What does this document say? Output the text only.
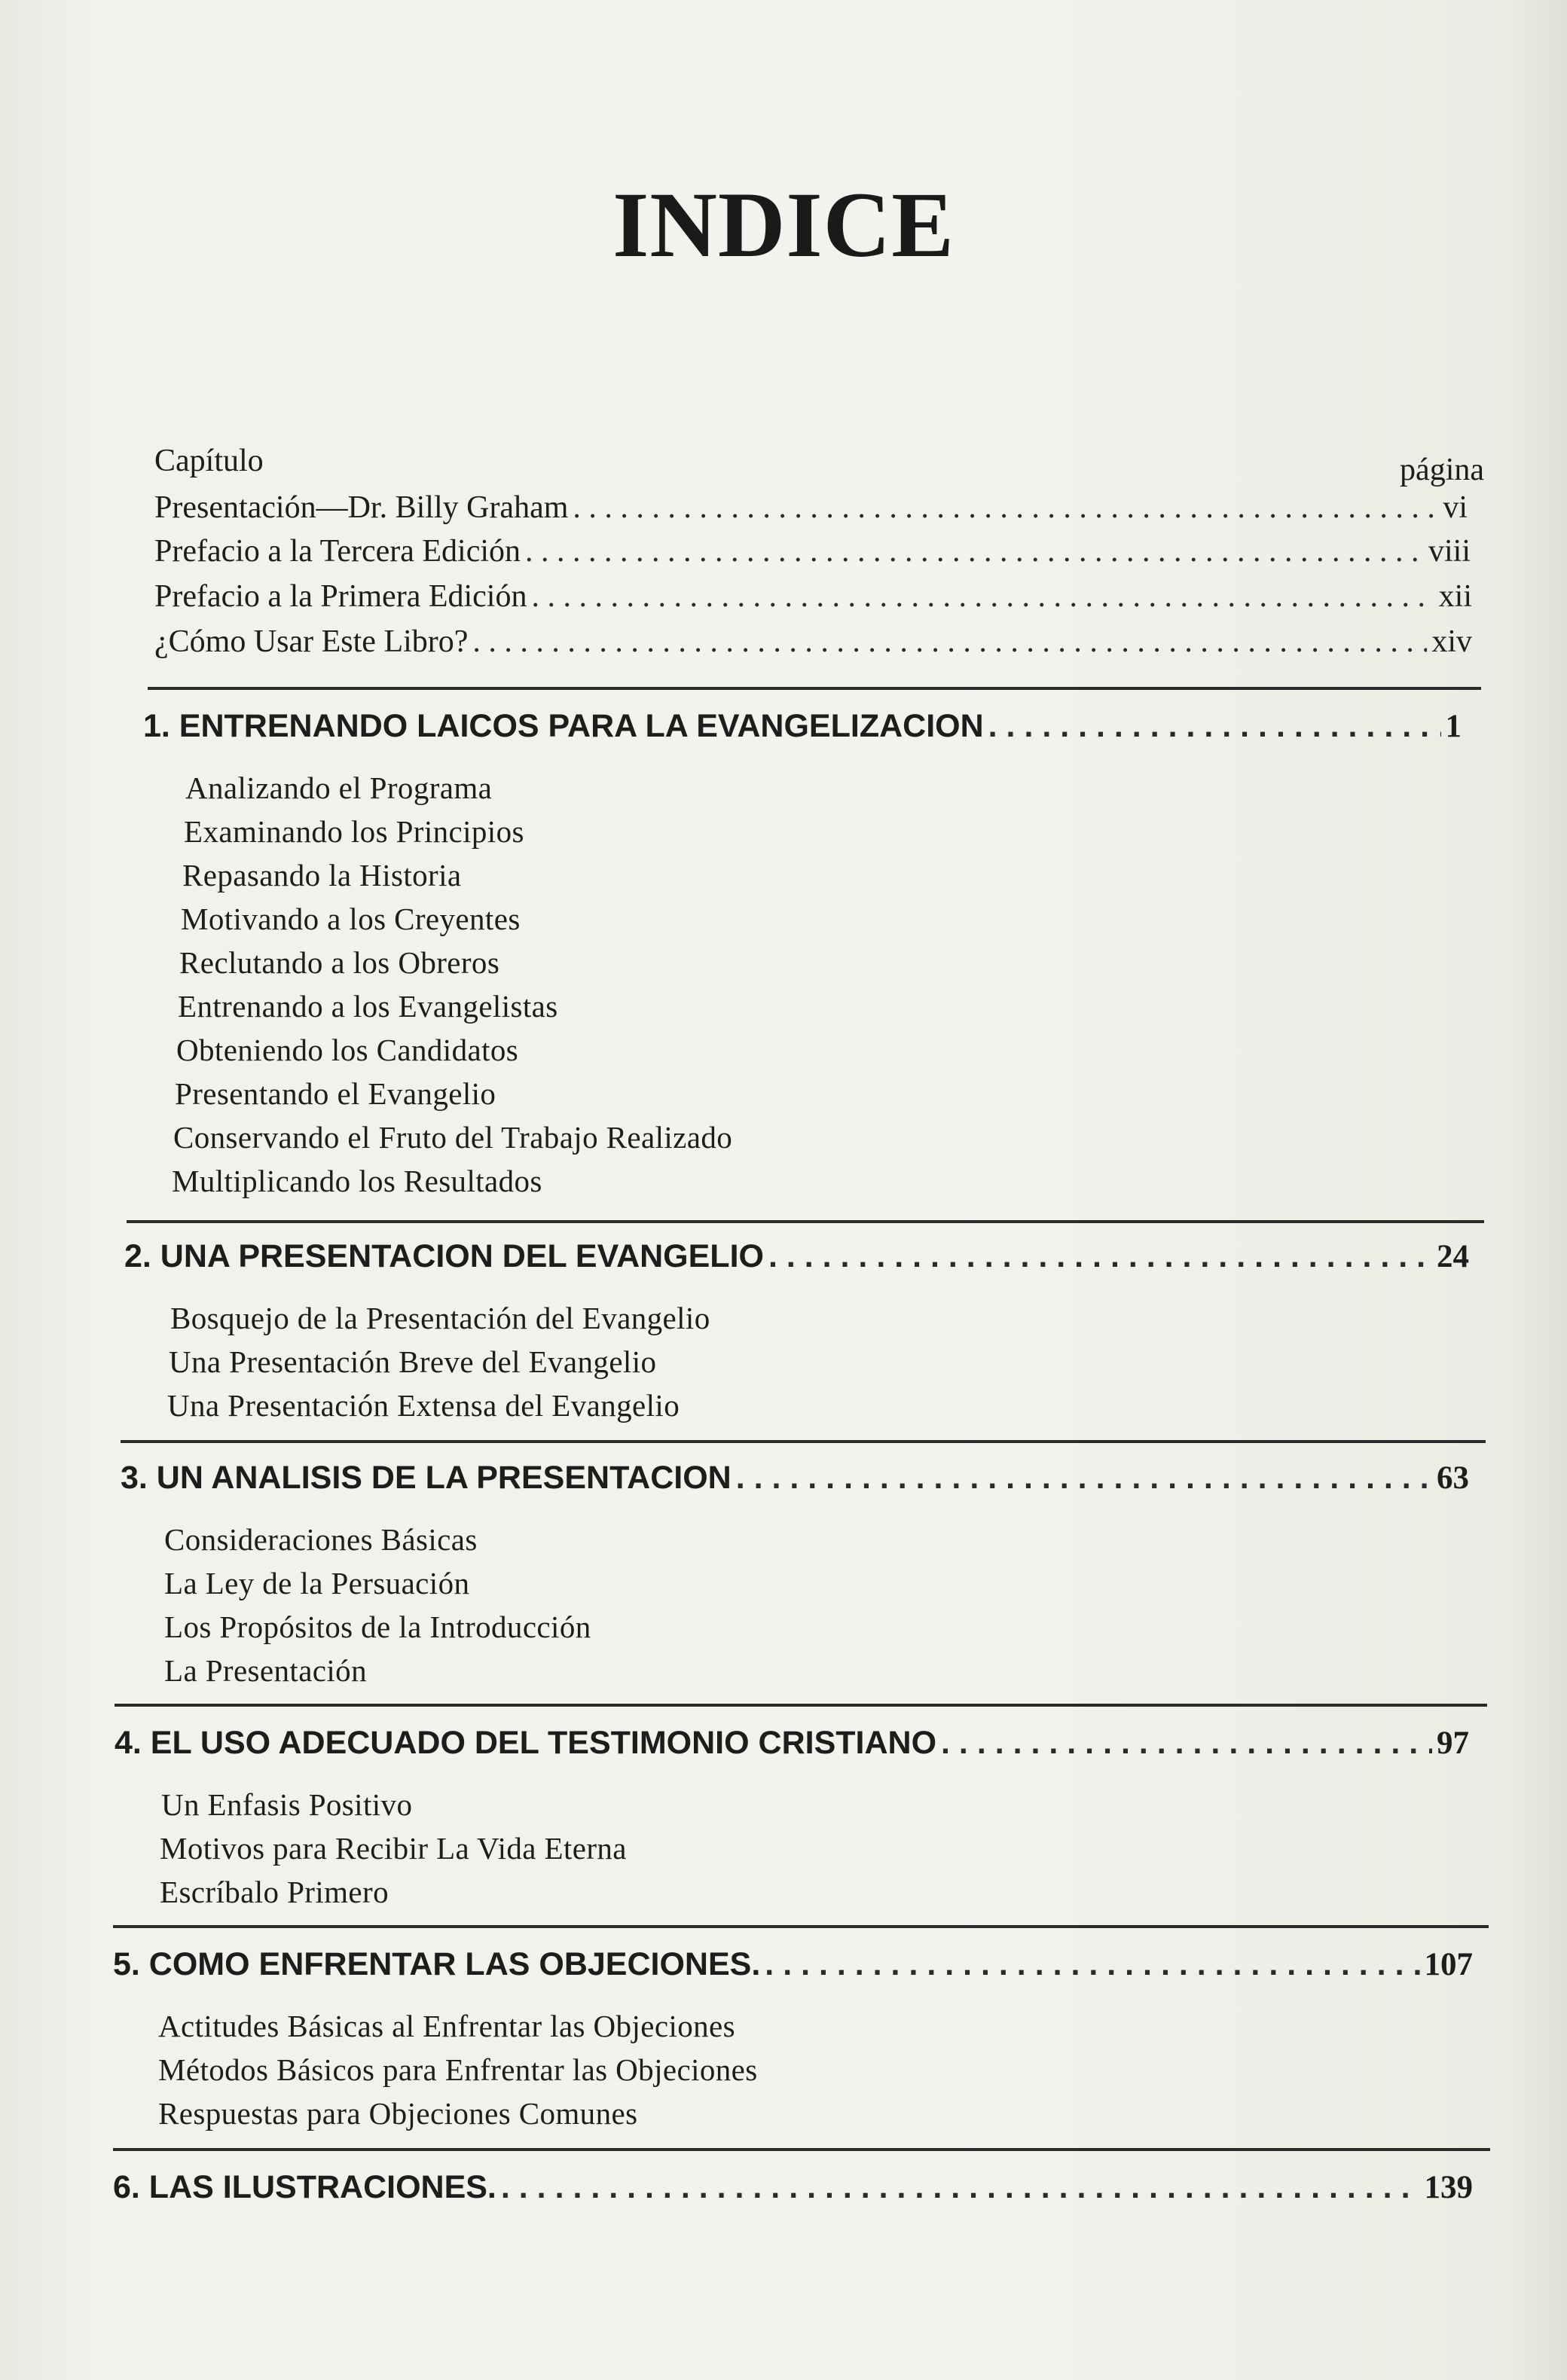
INDICE
Capítulo	página
Presentación—Dr. Billy Graham . . .	vi
Prefacio a la Tercera Edición . . .	viii
Prefacio a la Primera Edición . . .	xii
¿Cómo Usar Este Libro? . . .	xiv
1. ENTRENANDO LAICOS PARA LA EVANGELIZACION . . .	1
Analizando el Programa
Examinando los Principios
Repasando la Historia
Motivando a los Creyentes
Reclutando a los Obreros
Entrenando a los Evangelistas
Obteniendo los Candidatos
Presentando el Evangelio
Conservando el Fruto del Trabajo Realizado
Multiplicando los Resultados
2. UNA PRESENTACION DEL EVANGELIO . . .	24
Bosquejo de la Presentación del Evangelio
Una Presentación Breve del Evangelio
Una Presentación Extensa del Evangelio
3. UN ANALISIS DE LA PRESENTACION . . .	63
Consideraciones Básicas
La Ley de la Persuación
Los Propósitos de la Introducción
La Presentación
4. EL USO ADECUADO DEL TESTIMONIO CRISTIANO . . .	97
Un Enfasis Positivo
Motivos para Recibir La Vida Eterna
Escríbalo Primero
5. COMO ENFRENTAR LAS OBJECIONES. . . .	107
Actitudes Básicas al Enfrentar las Objeciones
Métodos Básicos para Enfrentar las Objeciones
Respuestas para Objeciones Comunes
6. LAS ILUSTRACIONES. . . .	139
